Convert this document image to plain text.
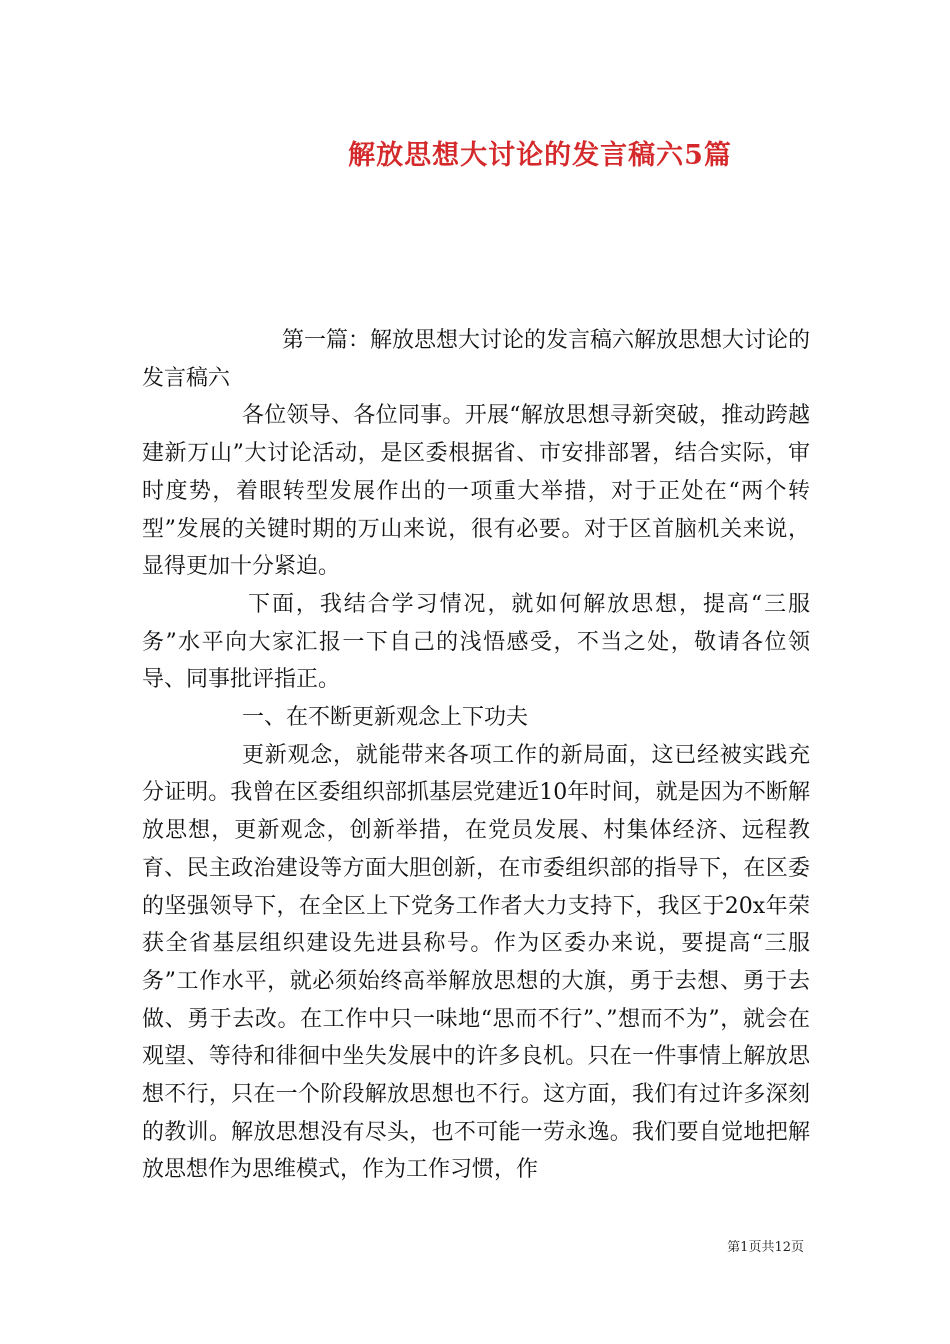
解放思想大讨论的发言稿六5篇

第一篇：解放思想大讨论的发言稿六解放思想大讨论的发言稿六

各位领导、各位同事。开展“解放思想寻新突破，推动跨越建新万山”大讨论活动，是区委根据省、市安排部署，结合实际，审时度势，着眼转型发展作出的一项重大举措，对于正处在“两个转型”发展的关键时期的万山来说，很有必要。对于区首脑机关来说，显得更加十分紧迫。

下面，我结合学习情况，就如何解放思想，提高“三服务”水平向大家汇报一下自己的浅悟感受，不当之处，敬请各位领导、同事批评指正。

一、在不断更新观念上下功夫

更新观念，就能带来各项工作的新局面，这已经被实践充分证明。我曾在区委组织部抓基层党建近10年时间，就是因为不断解放思想，更新观念，创新举措，在党员发展、村集体经济、远程教育、民主政治建设等方面大胆创新，在市委组织部的指导下，在区委的坚强领导下，在全区上下党务工作者大力支持下，我区于20x年荣获全省基层组织建设先进县称号。作为区委办来说，要提高“三服务”工作水平，就必须始终高举解放思想的大旗，勇于去想、勇于去做、勇于去改。在工作中只一味地“思而不行”、”想而不为”，就会在观望、等待和徘徊中坐失发展中的许多良机。只在一件事情上解放思想不行，只在一个阶段解放思想也不行。这方面，我们有过许多深刻的教训。解放思想没有尽头，也不可能一劳永逸。我们要自觉地把解放思想作为思维模式，作为工作习惯，作

第1页共12页
